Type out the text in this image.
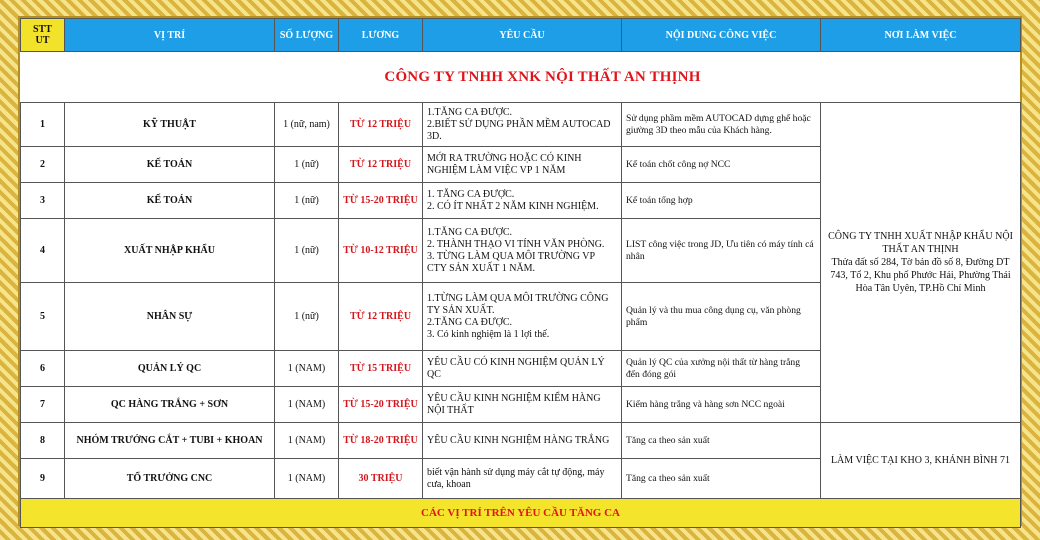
	CÔNG TY TNHH XNK NỘI THẤT AN THỊNH					
STT UT	VỊ TRÍ	SỐ LƯỢNG	LƯƠNG	YÊU CẦU	NỘI DUNG CÔNG VIỆC	NƠI LÀM VIỆC
1	KỸ THUẬT	1 (nữ, nam)	TỪ 12 TRIỆU	1.TĂNG CA ĐƯỢC.
2.BIẾT SỬ DỤNG PHẦN MỀM AUTOCAD 3D.	Sử dụng phầm mềm AUTOCAD dựng ghế hoặc giường 3D theo mẫu của Khách hàng.	CÔNG TY TNHH XUẤT NHẬP KHẨU NỘI THẤT AN THỊNH
Thửa đất số 284, Tờ bản đồ số 8, Đường DT 743, Tổ 2, Khu phố Phước Hải, Phường Thái Hòa Tân Uyên, TP.Hồ Chí Minh
2	KẾ TOÁN	1 (nữ)	TỪ 12 TRIỆU	MỚI RA TRƯỜNG HOẶC CÓ KINH NGHIỆM LÀM VIỆC VP 1 NĂM	Kế toán chốt công nợ NCC	
3	KẾ TOÁN	1 (nữ)	TỪ 15-20 TRIỆU	1. TĂNG CA ĐƯỢC.
2. CÓ ÍT NHẤT 2 NĂM KINH NGHIỆM.	Kế toán tổng hợp	
4	XUẤT NHẬP KHẨU	1 (nữ)	TỪ 10-12 TRIỆU	1.TĂNG CA ĐƯỢC.
2. THÀNH THẠO VI TÍNH VĂN PHÒNG.
3. TỪNG LÀM QUA MÔI TRƯỜNG VP CTY SẢN XUẤT 1 NĂM.	LIST công việc trong JD, Ưu tiên có máy tính cá nhân	
5	NHÂN SỰ	1 (nữ)	TỪ 12 TRIỆU	1.TỪNG LÀM QUA MÔI TRƯỜNG CÔNG TY SẢN XUẤT.
2.TĂNG CA ĐƯỢC.
3. Có kinh nghiệm là 1 lợi thế.	Quản lý và thu mua công dụng cụ, văn phòng phẩm	
6	QUẢN LÝ QC	1 (NAM)	TỪ 15 TRIỆU	YÊU CẦU CÓ KINH NGHIỆM QUẢN LÝ QC	Quản lý QC của xưởng nội thất từ hàng trắng đến đóng gói	
7	QC HÀNG TRẮNG + SƠN	1 (NAM)	TỪ 15-20 TRIỆU	YÊU CẦU KINH NGHIỆM KIỂM HÀNG NỘI THẤT	Kiểm hàng trắng và hàng sơn NCC ngoài	
8	NHÓM TRƯỞNG CẮT + TUBI + KHOAN	1 (NAM)	TỪ 18-20 TRIỆU	YÊU CẦU KINH NGHIỆM HÀNG TRẮNG	Tăng ca theo sản xuất	LÀM VIỆC TẠI KHO 3, KHÁNH BÌNH 71
9	TỔ TRƯỞNG CNC	1 (NAM)	30 TRIỆU	biết vận hành sử dụng máy cắt tự động, máy cưa, khoan	Tăng ca theo sản xuất	
CÁC VỊ TRÍ TRÊN YÊU CẦU TĂNG CA						
